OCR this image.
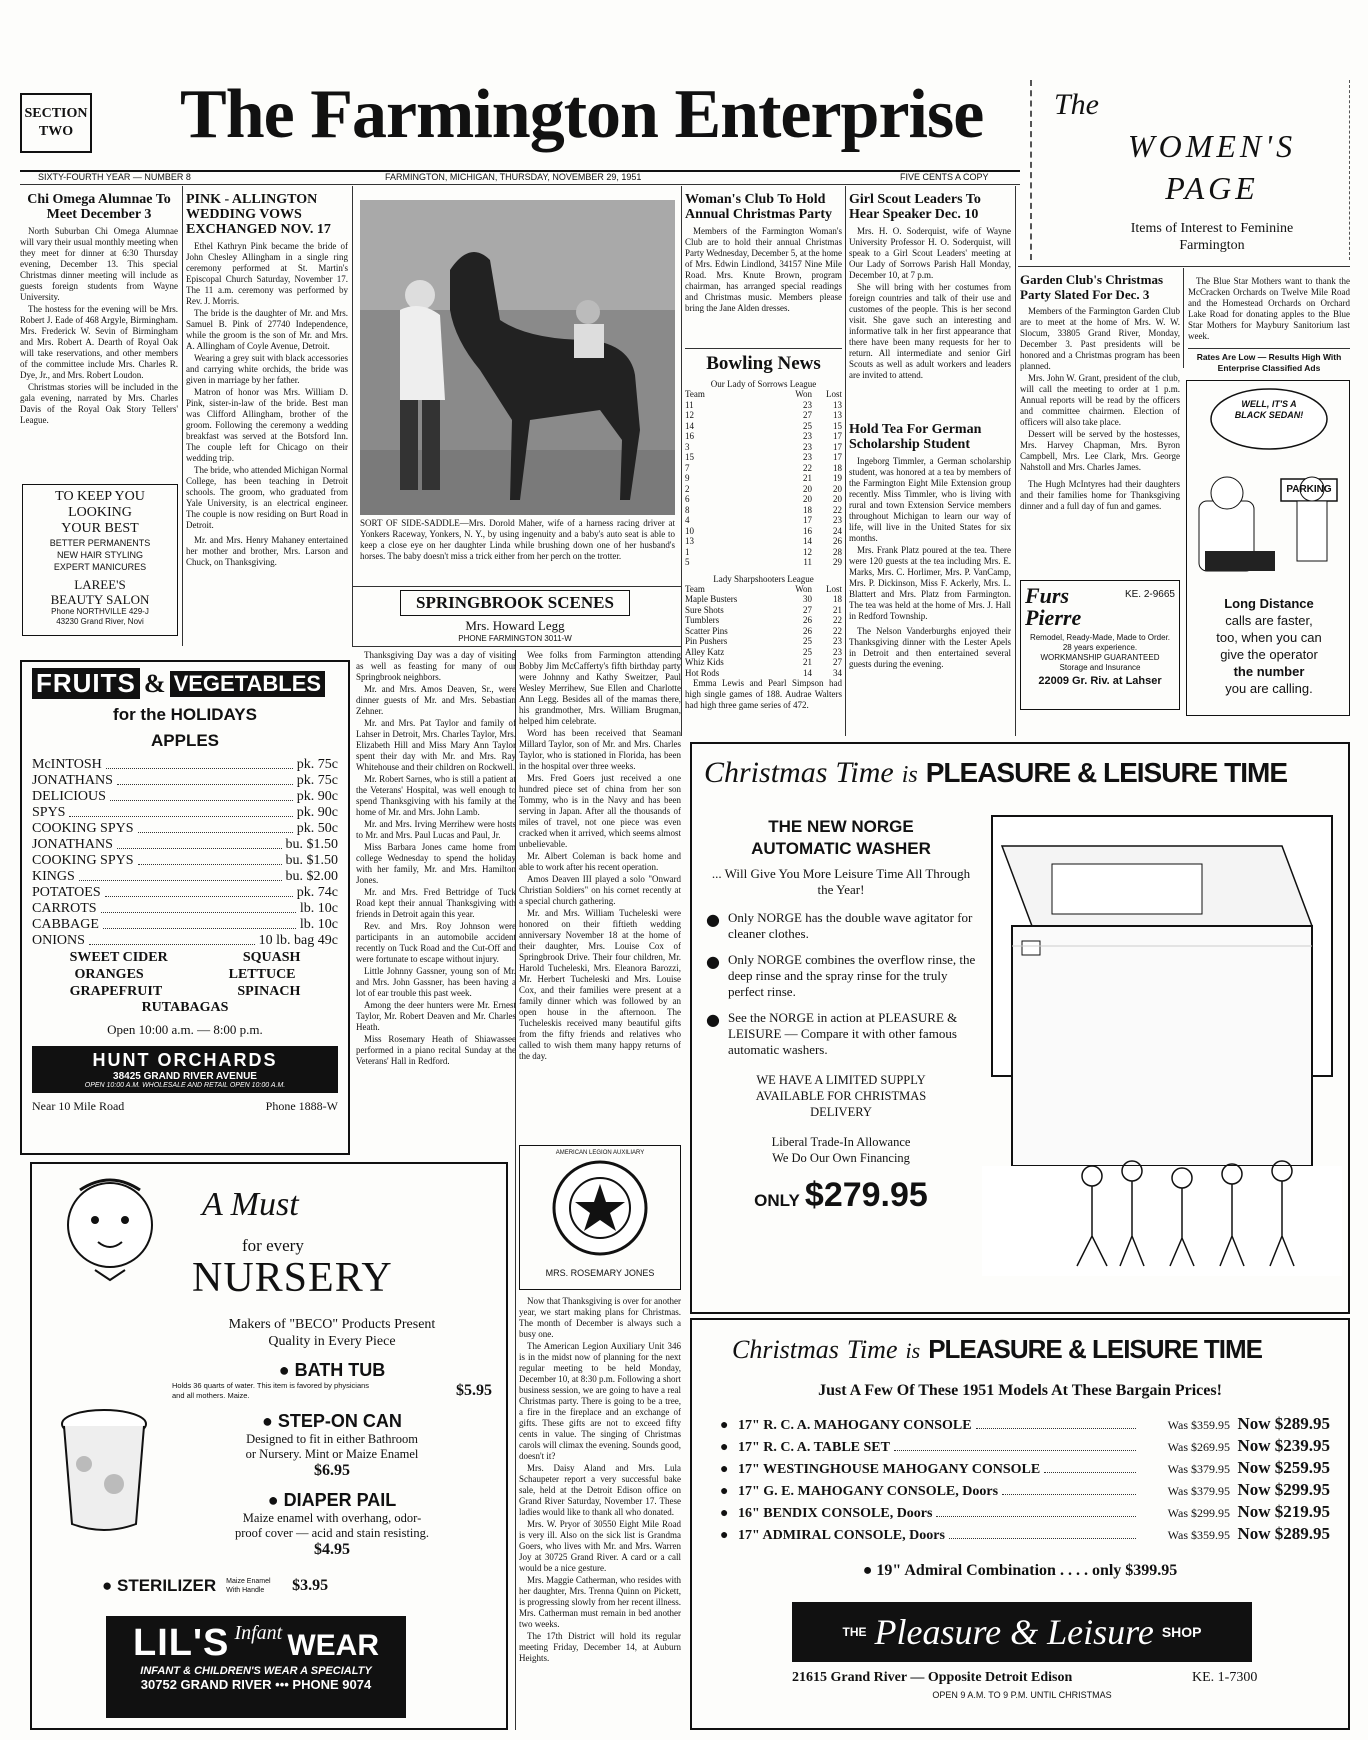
SECTION TWO The Farmington Enterprise
SIXTY-FOURTH YEAR — NUMBER 8	FARMINGTON, MICHIGAN, THURSDAY, NOVEMBER 29, 1951	FIVE CENTS A COPY
The
WOMEN'S
PAGE
Items of Interest to Feminine Farmington
Chi Omega Alumnae To Meet December 3

North Suburban Chi Omega Alumnae will vary their usual monthly meeting when they meet for dinner at 6:30 Thursday evening, December 13. This special Christmas dinner meeting will include as guests foreign students from Wayne University.

The hostess for the evening will be Mrs. Robert J. Eade of 468 Argyle, Birmingham. Mrs. Frederick W. Sevin of Birmingham and Mrs. Robert A. Dearth of Royal Oak will take reservations, and other members of the committee include Mrs. Charles R. Dye, Jr., and Mrs. Robert Loudon.

Christmas stories will be included in the gala evening, narrated by Mrs. Charles Davis of the Royal Oak Story Tellers' League.

TO KEEP YOU
LOOKING
YOUR BEST
BETTER PERMANENTS
NEW HAIR STYLING
EXPERT MANICURES
LAREE'S
BEAUTY SALON
Phone NORTHVILLE 429-J
43230 Grand River, Novi
PINK - ALLINGTON WEDDING VOWS EXCHANGED NOV. 17

Ethel Kathryn Pink became the bride of John Chesley Allingham in a single ring ceremony performed at St. Martin's Episcopal Church Saturday, November 17. The 11 a.m. ceremony was performed by Rev. J. Morris.

The bride is the daughter of Mr. and Mrs. Samuel B. Pink of 27740 Independence, while the groom is the son of Mr. and Mrs. A. Allingham of Coyle Avenue, Detroit.

Wearing a grey suit with black accessories and carrying white orchids, the bride was given in marriage by her father.

Matron of honor was Mrs. William D. Pink, sister-in-law of the bride. Best man was Clifford Allingham, brother of the groom. Following the ceremony a wedding breakfast was served at the Botsford Inn. The couple left for Chicago on their wedding trip.

The bride, who attended Michigan Normal College, has been teaching in Detroit schools. The groom, who graduated from Yale University, is an electrical engineer. The couple is now residing on Burt Road in Detroit.

Mr. and Mrs. Henry Mahaney entertained her mother and brother, Mrs. Larson and Chuck, on Thanksgiving.

SORT OF SIDE-SADDLE—Mrs. Dorold Maher, wife of a harness racing driver at Yonkers Raceway, Yonkers, N. Y., by using ingenuity and a baby's auto seat is able to keep a close eye on her daughter Linda while brushing down one of her husband's horses. The baby doesn't miss a trick either from her perch on the trotter.

SPRINGBROOK SCENES
Mrs. Howard Legg
PHONE FARMINGTON 3011-W
Woman's Club To Hold Annual Christmas Party

Members of the Farmington Woman's Club are to hold their annual Christmas Party Wednesday, December 5, at the home of Mrs. Edwin Lindlond, 34157 Nine Mile Road. Mrs. Knute Brown, program chairman, has arranged special readings and Christmas music. Members please bring the Jane Alden dresses.

Bowling News
Our Lady of Sorrows League
Team	Won	Lost
11	23	13
12	27	13
14	25	15
16	23	17
3	23	17
15	23	17
7	22	18
9	21	19
2	20	20
6	20	20
8	18	22
4	17	23
10	16	24
13	14	26
1	12	28
5	11	29
Lady Sharpshooters League
Team	Won	Lost
Maple Busters	30	18
Sure Shots	27	21
Tumblers	26	22
Scatter Pins	26	22
Pin Pushers	25	23
Alley Katz	25	23
Whiz Kids	21	27
Hot Rods	14	34

Emma Lewis and Pearl Simpson had high single games of 188. Audrae Walters had high three game series of 472.

Girl Scout Leaders To Hear Speaker Dec. 10

Mrs. H. O. Soderquist, wife of Wayne University Professor H. O. Soderquist, will speak to a Girl Scout Leaders' meeting at Our Lady of Sorrows Parish Hall Monday, December 10, at 7 p.m.

She will bring with her costumes from foreign countries and talk of their use and customes of the people. This is her second visit. She gave such an interesting and informative talk in her first appearance that there have been many requests for her to return. All intermediate and senior Girl Scouts as well as adult workers and leaders are invited to attend.

Hold Tea For German Scholarship Student

Ingeborg Timmler, a German scholarship student, was honored at a tea by members of the Farmington Eight Mile Extension group recently. Miss Timmler, who is living with rural and town Extension Service members throughout Michigan to learn our way of life, will live in the United States for six months.

Mrs. Frank Platz poured at the tea. There were 120 guests at the tea including Mrs. E. Marks, Mrs. C. Horlimer, Mrs. P. VanCamp, Mrs. P. Dickinson, Miss F. Ackerly, Mrs. L. Blattert and Mrs. Platz from Farmington. The tea was held at the home of Mrs. J. Hall in Redford Township.

The Nelson Vanderburghs enjoyed their Thanksgiving dinner with the Lester Apels in Detroit and then entertained several guests during the evening.

Garden Club's Christmas Party Slated For Dec. 3

Members of the Farmington Garden Club are to meet at the home of Mrs. W. W. Slocum, 33805 Grand River, Monday, December 3. Past presidents will be honored and a Christmas program has been planned.

Mrs. John W. Grant, president of the club, will call the meeting to order at 1 p.m. Annual reports will be read by the officers and committee chairmen. Election of officers will also take place.

Dessert will be served by the hostesses, Mrs. Harvey Chapman, Mrs. Byron Campbell, Mrs. Lee Clark, Mrs. George Nahstoll and Mrs. Charles James.

The Hugh McIntyres had their daughters and their families home for Thanksgiving dinner and a full day of fun and games.

The Blue Star Mothers want to thank the McCracken Orchards on Twelve Mile Road and the Homestead Orchards on Orchard Lake Road for donating apples to the Blue Star Mothers for Maybury Sanitorium last week.

Rates Are Low — Results High With Enterprise Classified Ads
WELL, IT'S A BLACK SEDAN!
PARKING
Long Distance
calls are faster,
too, when you can
give the operator
the number
you are calling.
Furs
Pierre
KE. 2-9665
Remodel, Ready-Made, Made to Order. 28 years experience.
WORKMANSHIP GUARANTEED
Storage and Insurance
22009 Gr. Riv. at Lahser
FRUITS & VEGETABLES
for the HOLIDAYS
APPLES
McINTOSH	pk. 75c
JONATHANS	pk. 75c
DELICIOUS	pk. 90c
SPYS	pk. 90c
COOKING SPYS	pk. 50c
JONATHANS	bu. $1.50
COOKING SPYS	bu. $1.50
KINGS	bu. $2.00
POTATOES	pk. 74c
CARROTS	lb. 10c
CABBAGE	lb. 10c
ONIONS	10 lb. bag 49c
SWEET CIDER	SQUASH
ORANGES	LETTUCE
GRAPEFRUIT	SPINACH
RUTABAGAS
Open 10:00 a.m. — 8:00 p.m.
HUNT ORCHARDS
38425 GRAND RIVER AVENUE
OPEN 10:00 A.M. WHOLESALE AND RETAIL OPEN 10:00 A.M.
Near 10 Mile Road	Phone 1888-W

Thanksgiving Day was a day of visiting as well as feasting for many of our Springbrook neighbors.

Mr. and Mrs. Amos Deaven, Sr., were dinner guests of Mr. and Mrs. Sebastian Zehner.

Mr. and Mrs. Pat Taylor and family of Lahser in Detroit, Mrs. Charles Taylor, Mrs. Elizabeth Hill and Miss Mary Ann Taylor spent their day with Mr. and Mrs. Ray Whitehouse and their children on Rockwell.

Mr. Robert Sarnes, who is still a patient at the Veterans' Hospital, was well enough to spend Thanksgiving with his family at the home of Mr. and Mrs. John Lamb.

Mr. and Mrs. Irving Merrihew were hosts to Mr. and Mrs. Paul Lucas and Paul, Jr.

Miss Barbara Jones came home from college Wednesday to spend the holiday with her family, Mr. and Mrs. Hamilton Jones.

Mr. and Mrs. Fred Bettridge of Tuck Road kept their annual Thanksgiving with friends in Detroit again this year.

Rev. and Mrs. Roy Johnson were participants in an automobile accident recently on Tuck Road and the Cut-Off and were fortunate to escape without injury.

Little Johnny Gassner, young son of Mr. and Mrs. John Gassner, has been having a lot of ear trouble this past week.

Among the deer hunters were Mr. Ernest Taylor, Mr. Robert Deaven and Mr. Charles Heath.

Miss Rosemary Heath of Shiawassee performed in a piano recital Sunday at the Veterans' Hall in Redford.

Wee folks from Farmington attending Bobby Jim McCafferty's fifth birthday party were Johnny and Kathy Sweitzer, Paul Wesley Merrihew, Sue Ellen and Charlotte Ann Legg. Besides all of the mamas there, his grandmother, Mrs. William Brugman, helped him celebrate.

Word has been received that Seaman Millard Taylor, son of Mr. and Mrs. Charles Taylor, who is stationed in Florida, has been in the hospital over three weeks.

Mrs. Fred Goers just received a one hundred piece set of china from her son Tommy, who is in the Navy and has been serving in Japan. After all the thousands of miles of travel, not one piece was even cracked when it arrived, which seems almost unbelievable.

Mr. Albert Coleman is back home and able to work after his recent operation.

Amos Deaven III played a solo "Onward Christian Soldiers" on his cornet recently at a special church gathering.

Mr. and Mrs. William Tucheleski were honored on their fiftieth wedding anniversary November 18 at the home of their daughter, Mrs. Louise Cox of Springbrook Drive. Their four children, Mr. Harold Tucheleski, Mrs. Eleanora Barozzi, Mr. Herbert Tucheleski and Mrs. Louise Cox, and their families were present at a family dinner which was followed by an open house in the afternoon. The Tucheleskis received many beautiful gifts from the fifty friends and relatives who called to wish them many happy returns of the day.

AMERICAN LEGION AUXILIARY
MRS. ROSEMARY JONES

Now that Thanksgiving is over for another year, we start making plans for Christmas. The month of December is always such a busy one.

The American Legion Auxiliary Unit 346 is in the midst now of planning for the next regular meeting to be held Monday, December 10, at 8:30 p.m. Following a short business session, we are going to have a real Christmas party. There is going to be a tree, a fire in the fireplace and an exchange of gifts. These gifts are not to exceed fifty cents in value. The singing of Christmas carols will climax the evening. Sounds good, doesn't it?

Mrs. Daisy Aland and Mrs. Lula Schaupeter report a very successful bake sale, held at the Detroit Edison office on Grand River Saturday, November 17. These ladies would like to thank all who donated.

Mrs. W. Pryor of 30550 Eight Mile Road is very ill. Also on the sick list is Grandma Goers, who lives with Mr. and Mrs. Warren Joy at 30725 Grand River. A card or a call would be a nice gesture.

Mrs. Maggie Catherman, who resides with her daughter, Mrs. Trenna Quinn on Pickett, is progressing slowly from her recent illness. Mrs. Catherman must remain in bed another two weeks.

The 17th District will hold its regular meeting Friday, December 14, at Auburn Heights.

A Must
for every
NURSERY
Makers of "BECO" Products Present
Quality in Every Piece
● BATH TUB
Holds 36 quarts of water. This item is favored by physicians and all mothers. Maize.	$5.95
● STEP-ON CAN
Designed to fit in either Bathroom
or Nursery. Mint or Maize Enamel
$6.95
● DIAPER PAIL
Maize enamel with overhang, odor-
proof cover — acid and stain resisting.
$4.95
● STERILIZER Maize Enamel With Handle	$3.95
LIL'S Infant WEAR
INFANT & CHILDREN'S WEAR A SPECIALTY
30752 GRAND RIVER ••• PHONE 9074
Christmas Time is PLEASURE & LEISURE TIME
THE NEW NORGE
AUTOMATIC WASHER
... Will Give You More Leisure Time All Through the Year!
● Only NORGE has the double wave agitator for cleaner clothes.
● Only NORGE combines the overflow rinse, the deep rinse and the spray rinse for the truly perfect rinse.
● See the NORGE in action at PLEASURE & LEISURE — Compare it with other famous automatic washers.
WE HAVE A LIMITED SUPPLY
AVAILABLE FOR CHRISTMAS
DELIVERY
Liberal Trade-In Allowance
We Do Our Own Financing
ONLY $279.95
Christmas Time is PLEASURE & LEISURE TIME
Just A Few Of These 1951 Models At These Bargain Prices!
● 17" R. C. A. MAHOGANY CONSOLE	Was $359.95 Now $289.95
● 17" R. C. A. TABLE SET	Was $269.95 Now $239.95
● 17" WESTINGHOUSE MAHOGANY CONSOLE	Was $379.95 Now $259.95
● 17" G. E. MAHOGANY CONSOLE, Doors	Was $379.95 Now $299.95
● 16" BENDIX CONSOLE, Doors	Was $299.95 Now $219.95
● 17" ADMIRAL CONSOLE, Doors	Was $359.95 Now $289.95
● 19" Admiral Combination . . . . only $399.95
THE Pleasure & Leisure SHOP
21615 Grand River — Opposite Detroit Edison	KE. 1-7300
OPEN 9 A.M. TO 9 P.M. UNTIL CHRISTMAS
